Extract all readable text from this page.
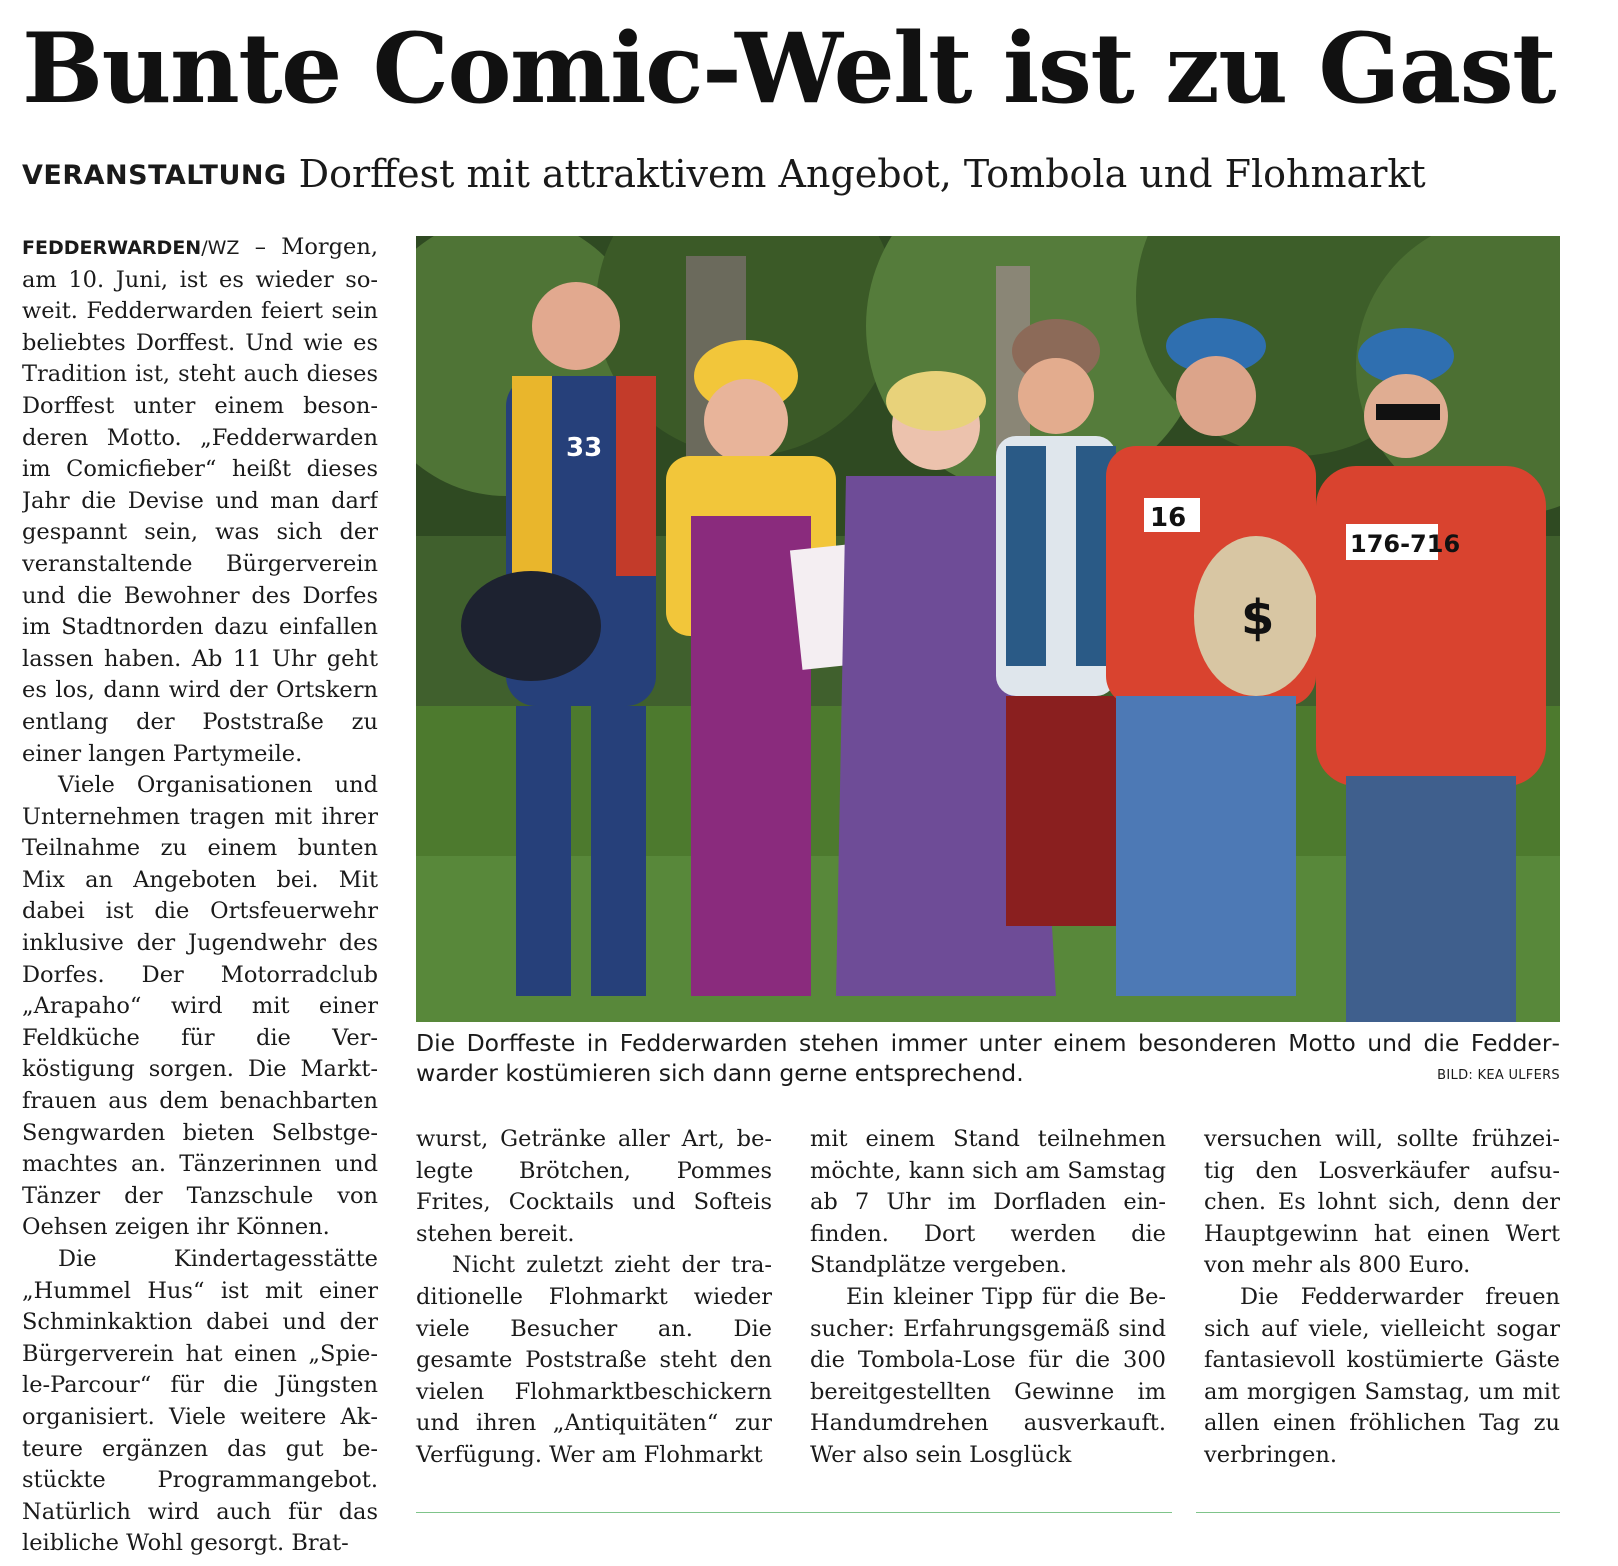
Bunte Comic-Welt ist zu Gast
VERANSTALTUNG Dorffest mit attraktivem Angebot, Tombola und Flohmarkt

FEDDERWARDEN/WZ – Morgen, am 10. Juni, ist es wieder soweit. Fedderwarden feiert sein beliebtes Dorffest. Und wie es Tradition ist, steht auch dieses Dorffest unter einem besonderen Motto. „Fedderwarden im Comicfieber“ heißt dieses Jahr die Devise und man darf gespannt sein, was sich der veranstaltende Bürgerverein und die Bewohner des Dorfes im Stadtnorden dazu einfallen lassen haben. Ab 11 Uhr geht es los, dann wird der Ortskern entlang der Poststraße zu einer langen Partymeile.

Viele Organisationen und Unternehmen tragen mit ihrer Teilnahme zu einem bunten Mix an Angeboten bei. Mit dabei ist die Ortsfeuerwehr inklusive der Jugendwehr des Dorfes. Der Motorradclub „Arapaho“ wird mit einer Feldküche für die Verköstigung sorgen. Die Marktfrauen aus dem benachbarten Sengwarden bieten Selbstgemachtes an. Tänzerinnen und Tänzer der Tanzschule von Oehsen zeigen ihr Können.

Die Kindertagesstätte „Hummel Hus“ ist mit einer Schminkaktion dabei und der Bürgerverein hat einen „Spiele-Parcour“ für die Jüngsten organisiert. Viele weitere Akteure ergänzen das gut bestückte Programmangebot. Natürlich wird auch für das leibliche Wohl gesorgt. Brat-

33
16
$
176-716
Die Dorffeste in Fedderwarden stehen immer unter einem besonderen Motto und die Fedderwarder kostümieren sich dann gerne entsprechend.	BILD: KEA ULFERS

wurst, Getränke aller Art, belegte Brötchen, Pommes Frites, Cocktails und Softeis stehen bereit.

Nicht zuletzt zieht der traditionelle Flohmarkt wieder viele Besucher an. Die gesamte Poststraße steht den vielen Flohmarktbeschickern und ihren „Antiquitäten“ zur Verfügung. Wer am Flohmarkt

mit einem Stand teilnehmen möchte, kann sich am Samstag ab 7 Uhr im Dorfladen einfinden. Dort werden die Standplätze vergeben.

Ein kleiner Tipp für die Besucher: Erfahrungsgemäß sind die Tombola-Lose für die 300 bereitgestellten Gewinne im Handumdrehen ausverkauft. Wer also sein Losglück

versuchen will, sollte frühzeitig den Losverkäufer aufsuchen. Es lohnt sich, denn der Hauptgewinn hat einen Wert von mehr als 800 Euro.

Die Fedderwarder freuen sich auf viele, vielleicht sogar fantasievoll kostümierte Gäste am morgigen Samstag, um mit allen einen fröhlichen Tag zu verbringen.
